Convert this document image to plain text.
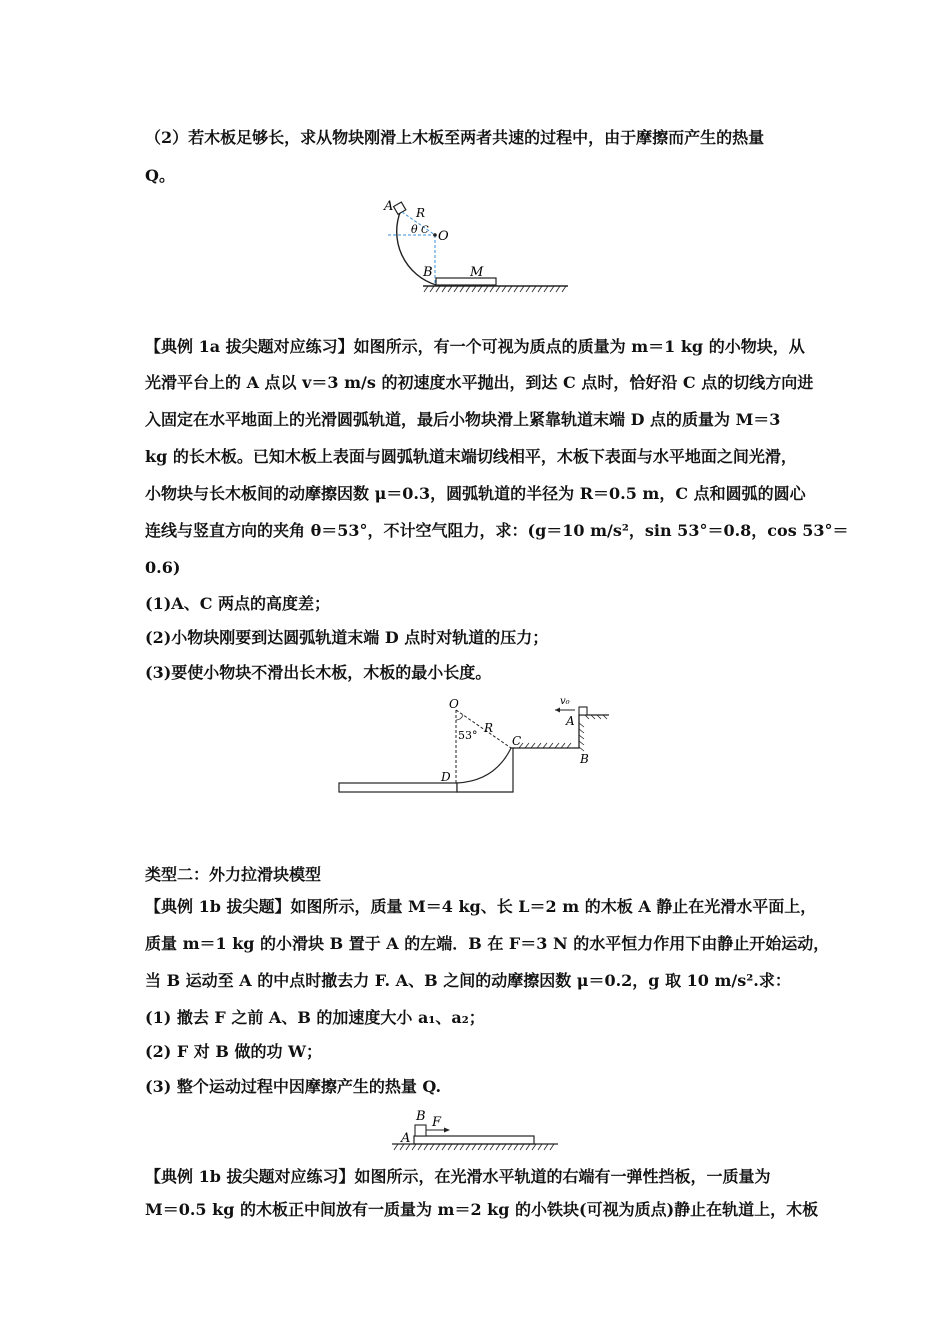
（2）若木板足够长，求从物块刚滑上木板至两者共速的过程中，由于摩擦而产生的热量
Q。
A R
θ C O
B	M
【典例 1a 拔尖题对应练习】如图所示，有一个可视为质点的质量为 m＝1 kg 的小物块，从
光滑平台上的 A 点以 v＝3 m/s 的初速度水平抛出，到达 C 点时，恰好沿 C 点的切线方向进
入固定在水平地面上的光滑圆弧轨道，最后小物块滑上紧靠轨道末端 D 点的质量为 M＝3
kg 的长木板。已知木板上表面与圆弧轨道末端切线相平，木板下表面与水平地面之间光滑，
小物块与长木板间的动摩擦因数 μ＝0.3，圆弧轨道的半径为 R＝0.5 m，C 点和圆弧的圆心
连线与竖直方向的夹角 θ＝53°，不计空气阻力，求：(g＝10 m/s²，sin 53°＝0.8，cos 53°＝
0.6)
(1)A、C 两点的高度差；
(2)小物块刚要到达圆弧轨道末端 D 点时对轨道的压力；
(3)要使小物块不滑出长木板，木板的最小长度。
O
R
53°	C
D
v₀
A
B
类型二：外力拉滑块模型
【典例 1b 拔尖题】如图所示，质量 M＝4 kg、长 L＝2 m 的木板 A 静止在光滑水平面上，
质量 m＝1 kg 的小滑块 B 置于 A 的左端．B 在 F＝3 N 的水平恒力作用下由静止开始运动，
当 B 运动至 A 的中点时撤去力 F. A、B 之间的动摩擦因数 μ＝0.2，g 取 10 m/s².求：
(1) 撤去 F 之前 A、B 的加速度大小 a₁、a₂；
(2) F 对 B 做的功 W；
(3) 整个运动过程中因摩擦产生的热量 Q.
B F
A
【典例 1b 拔尖题对应练习】如图所示，在光滑水平轨道的右端有一弹性挡板，一质量为
M＝0.5 kg 的木板正中间放有一质量为 m＝2 kg 的小铁块(可视为质点)静止在轨道上，木板
